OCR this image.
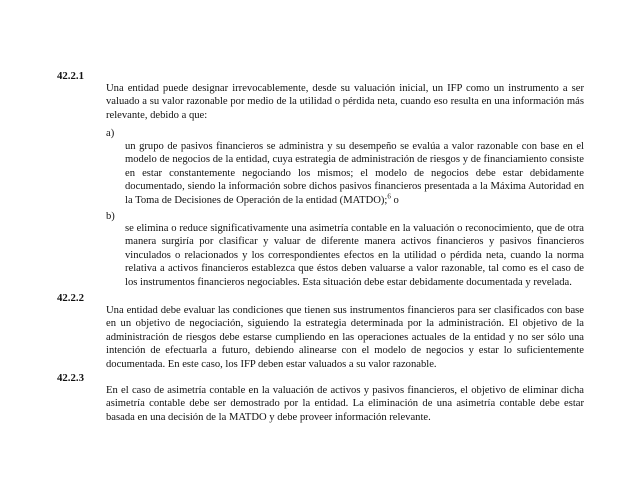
42.2.1

Una entidad puede designar irrevocablemente, desde su valuación inicial, un IFP como un instrumento a ser valuado a su valor razonable por medio de la utilidad o pérdida neta, cuando eso resulta en una información más relevante, debido a que:

a)

un grupo de pasivos financieros se administra y su desempeño se evalúa a valor razonable con base en el modelo de negocios de la entidad, cuya estrategia de administración de riesgos y de financiamiento consiste en estar constantemente negociando los mismos; el modelo de negocios debe estar debidamente documentado, siendo la información sobre dichos pasivos financieros presentada a la Máxima Autoridad en la Toma de Decisiones de Operación de la entidad (MATDO);$^6$ o

b)

se elimina o reduce significativamente una asimetría contable en la valuación o reconocimiento, que de otra manera surgiría por clasificar y valuar de diferente manera activos financieros y pasivos financieros vinculados o relacionados y los correspondientes efectos en la utilidad o pérdida neta, cuando la norma relativa a activos financieros establezca que éstos deben valuarse a valor razonable, tal como es el caso de los instrumentos financieros negociables. Esta situación debe estar debidamente documentada y revelada.

42.2.2

Una entidad debe evaluar las condiciones que tienen sus instrumentos financieros para ser clasificados con base en un objetivo de negociación, siguiendo la estrategia determinada por la administración. El objetivo de la administración de riesgos debe estarse cumpliendo en las operaciones actuales de la entidad y no ser sólo una intención de efectuarla a futuro, debiendo alinearse con el modelo de negocios y estar lo suficientemente documentada. En este caso, los IFP deben estar valuados a su valor razonable.

42.2.3

En el caso de asimetría contable en la valuación de activos y pasivos financieros, el objetivo de eliminar dicha asimetría contable debe ser demostrado por la entidad. La eliminación de una asimetría contable debe estar basada en una decisión de la MATDO y debe proveer información relevante.
